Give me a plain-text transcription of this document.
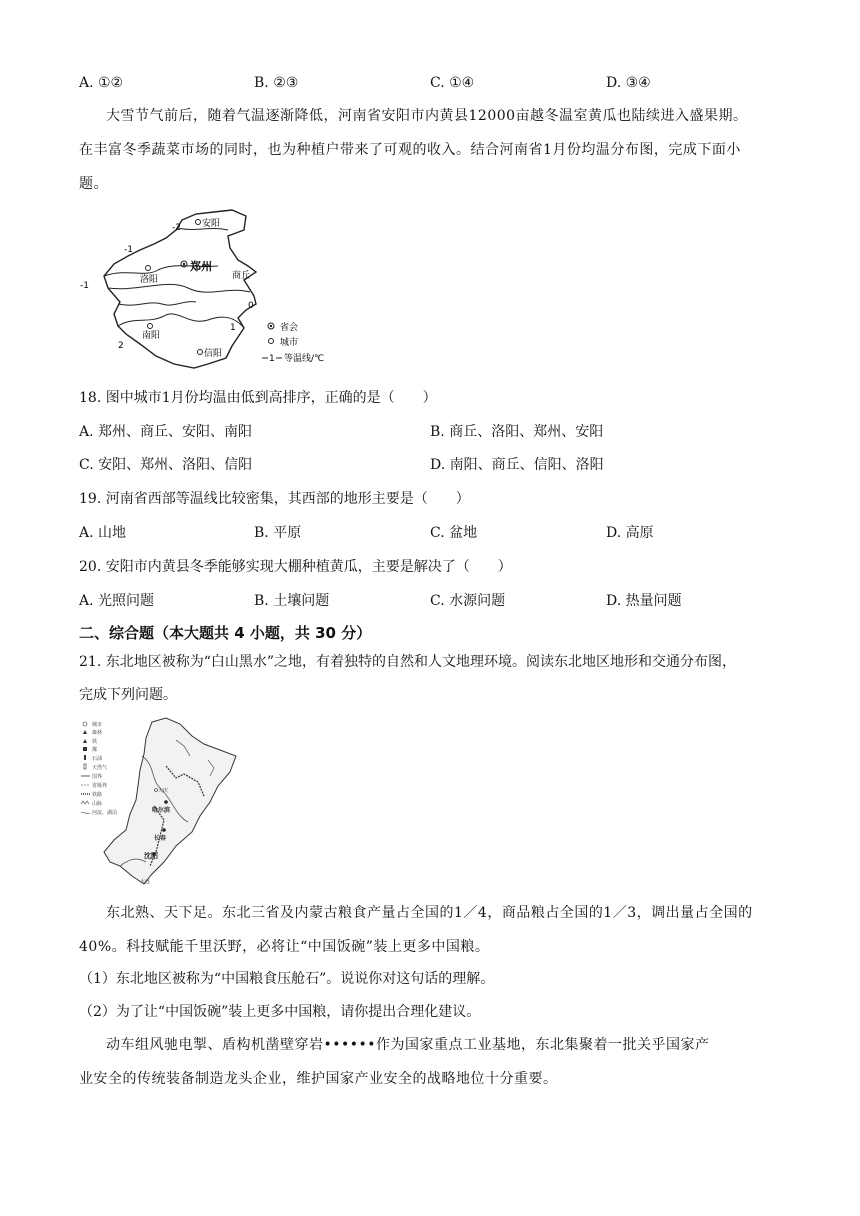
A. ①②	B. ②③	C. ①④	D. ③④
大雪节气前后，随着气温逐渐降低，河南省安阳市内黄县12000亩越冬温室黄瓜也陆续进入盛果期。
在丰富冬季蔬菜市场的同时，也为种植户带来了可观的收入。结合河南省1月份均温分布图，完成下面小
题。
-2
-1
-1
0
1
2
安阳
郑州
洛阳	商丘
南阳
信阳
省会
城市
1 等温线/℃
18. 图中城市1月份均温由低到高排序，正确的是（　　）
A. 郑州、商丘、安阳、南阳	B. 商丘、洛阳、郑州、安阳
C. 安阳、郑州、洛阳、信阳	D. 南阳、商丘、信阳、洛阳
19. 河南省西部等温线比较密集，其西部的地形主要是（　　）
A. 山地	B. 平原	C. 盆地	D. 高原
20. 安阳市内黄县冬季能够实现大棚种植黄瓜，主要是解决了（　　）
A. 光照问题	B. 土壤问题	C. 水源问题	D. 热量问题
二、综合题（本大题共 4 小题，共 30 分）
21. 东北地区被称为“白山黑水”之地，有着独特的自然和人文地理环境。阅读东北地区地形和交通分布图，
完成下列问题。
城市
森林
铁
煤
石油
天然气
国界
省级界
铁路
山脉
河流、湖泊	哈尔滨
大庆
长春
沈阳
大连
东北熟、天下足。东北三省及内蒙古粮食产量占全国的1／4，商品粮占全国的1／3，调出量占全国的
40%。科技赋能千里沃野，必将让“中国饭碗”装上更多中国粮。
（1）东北地区被称为“中国粮食压舱石”。说说你对这句话的理解。
（2）为了让“中国饭碗”装上更多中国粮，请你提出合理化建议。
动车组风驰电掣、盾构机凿壁穿岩••••••作为国家重点工业基地，东北集聚着一批关乎国家产
业安全的传统装备制造龙头企业，维护国家产业安全的战略地位十分重要。
